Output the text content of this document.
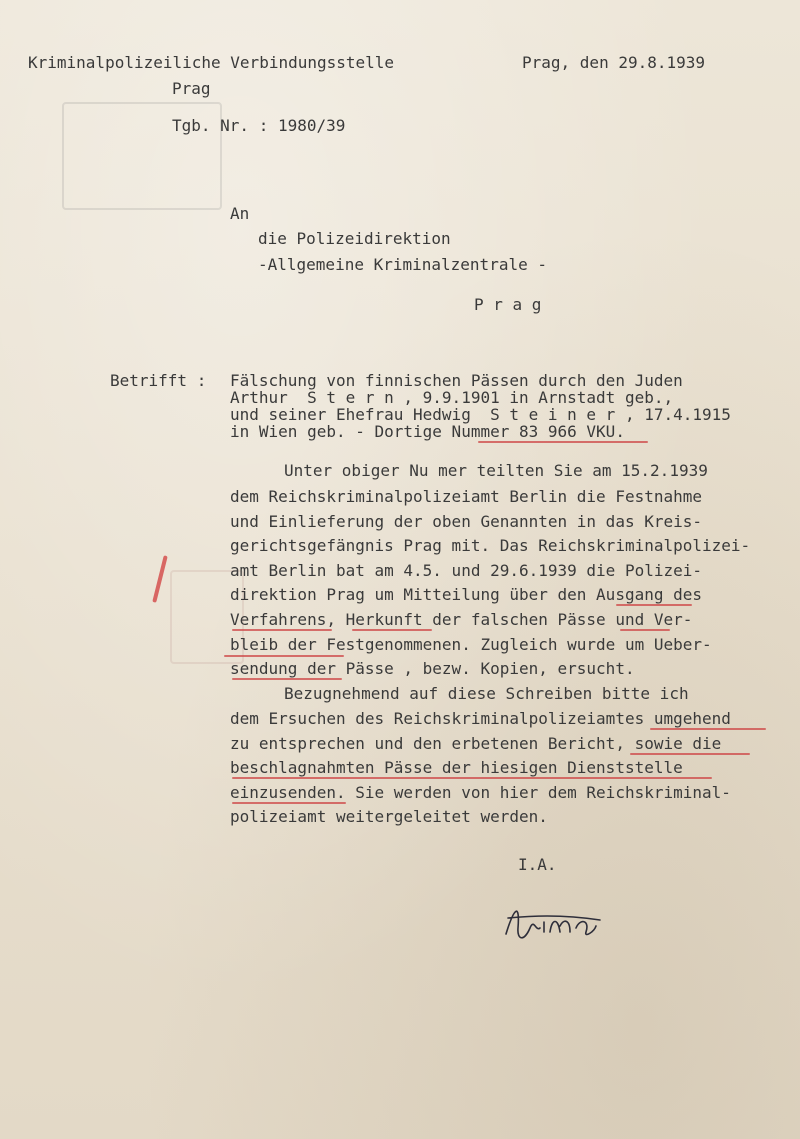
Kriminalpolizeiliche Verbindungsstelle
Prag
Prag, den 29.8.1939
Tgb. Nr. : 1980/39
An
die Polizeidirektion
-Allgemeine Kriminalzentrale -
P r a g
Betrifft : Fälschung von finnischen Pässen durch den Juden
Arthur  S t e r n , 9.9.1901 in Arnstadt geb.,
und seiner Ehefrau Hedwig  S t e i n e r , 17.4.1915
in Wien geb. - Dortige Nummer 83 966 VKU.
Unter obiger Nu mer teilten Sie am 15.2.1939
dem Reichskriminalpolizeiamt Berlin die Festnahme
und Einlieferung der oben Genannten in das Kreis-
gerichtsgefängnis Prag mit. Das Reichskriminalpolizei-
amt Berlin bat am 4.5. und 29.6.1939 die Polizei-
direktion Prag um Mitteilung über den Ausgang des
Verfahrens, Herkunft der falschen Pässe und Ver-
bleib der Festgenommenen. Zugleich wurde um Ueber-
sendung der Pässe , bezw. Kopien, ersucht.
Bezugnehmend auf diese Schreiben bitte ich
dem Ersuchen des Reichskriminalpolizeiamtes umgehend
zu entsprechen und den erbetenen Bericht, sowie die
beschlagnahmten Pässe der hiesigen Dienststelle
einzusenden. Sie werden von hier dem Reichskriminal-
polizeiamt weitergeleitet werden.
I.A.
